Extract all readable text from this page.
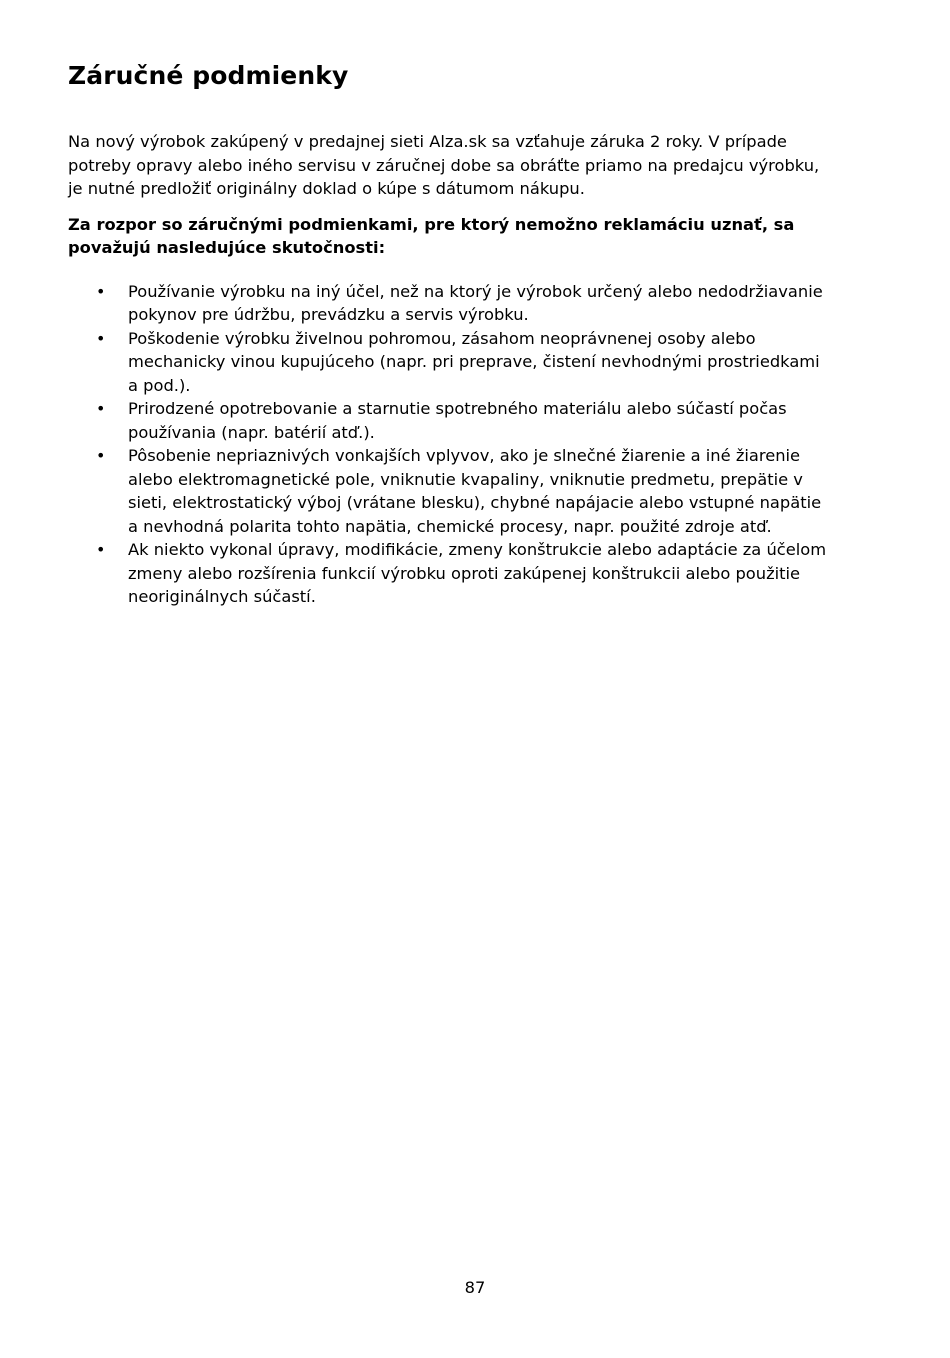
Záručné podmienky

Na nový výrobok zakúpený v predajnej sieti Alza.sk sa vzťahuje záruka 2 roky. V prípade potreby opravy alebo iného servisu v záručnej dobe sa obráťte priamo na predajcu výrobku, je nutné predložiť originálny doklad o kúpe s dátumom nákupu.

Za rozpor so záručnými podmienkami, pre ktorý nemožno reklamáciu uznať, sa považujú nasledujúce skutočnosti:

• Používanie výrobku na iný účel, než na ktorý je výrobok určený alebo nedodržiavanie pokynov pre údržbu, prevádzku a servis výrobku.
• Poškodenie výrobku živelnou pohromou, zásahom neoprávnenej osoby alebo mechanicky vinou kupujúceho (napr. pri preprave, čistení nevhodnými prostriedkami a pod.).
• Prirodzené opotrebovanie a starnutie spotrebného materiálu alebo súčastí počas používania (napr. batérií atď.).
• Pôsobenie nepriaznivých vonkajších vplyvov, ako je slnečné žiarenie a iné žiarenie alebo elektromagnetické pole, vniknutie kvapaliny, vniknutie predmetu, prepätie v sieti, elektrostatický výboj (vrátane blesku), chybné napájacie alebo vstupné napätie a nevhodná polarita tohto napätia, chemické procesy, napr. použité zdroje atď.
• Ak niekto vykonal úpravy, modifikácie, zmeny konštrukcie alebo adaptácie za účelom zmeny alebo rozšírenia funkcií výrobku oproti zakúpenej konštrukcii alebo použitie neoriginálnych súčastí.
87
